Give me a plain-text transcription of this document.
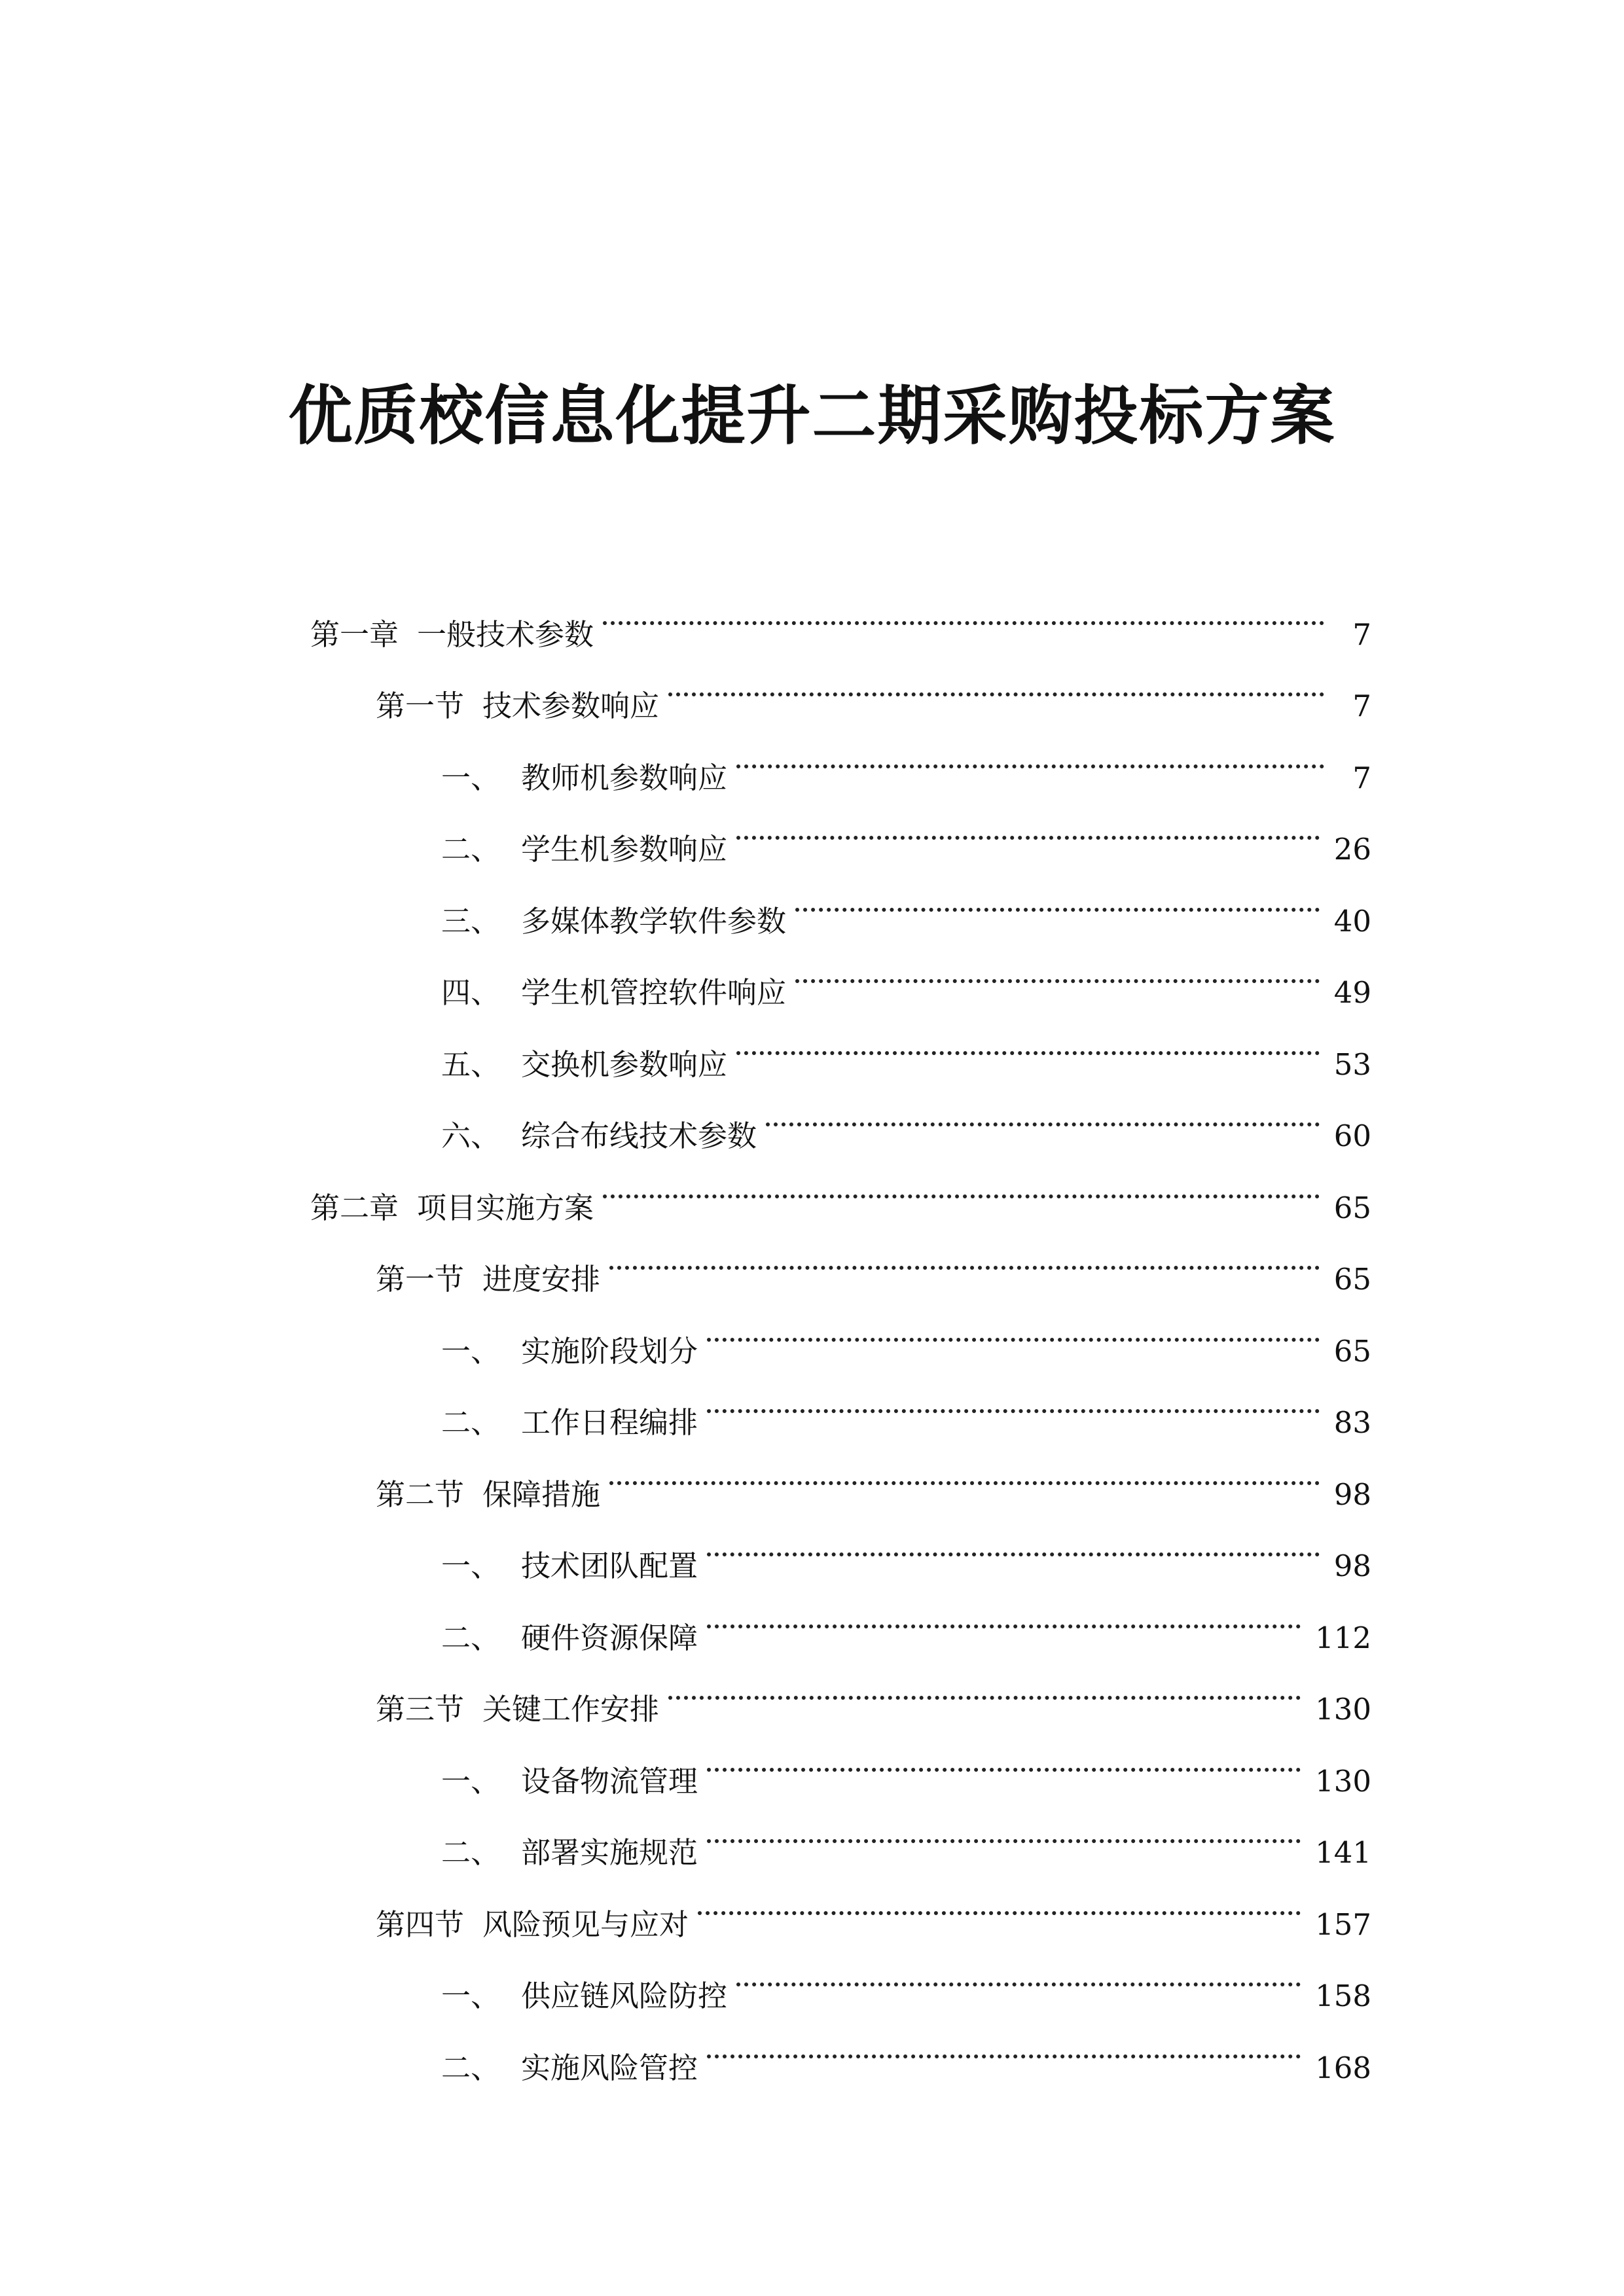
优质校信息化提升二期采购投标方案
第一章 一般技术参数	7
第一节 技术参数响应	7
一、 教师机参数响应	7
二、 学生机参数响应	26
三、 多媒体教学软件参数	40
四、 学生机管控软件响应	49
五、 交换机参数响应	53
六、 综合布线技术参数	60
第二章 项目实施方案	65
第一节 进度安排	65
一、 实施阶段划分	65
二、 工作日程编排	83
第二节 保障措施	98
一、 技术团队配置	98
二、 硬件资源保障	112
第三节 关键工作安排	130
一、 设备物流管理	130
二、 部署实施规范	141
第四节 风险预见与应对	157
一、 供应链风险防控	158
二、 实施风险管控	168
